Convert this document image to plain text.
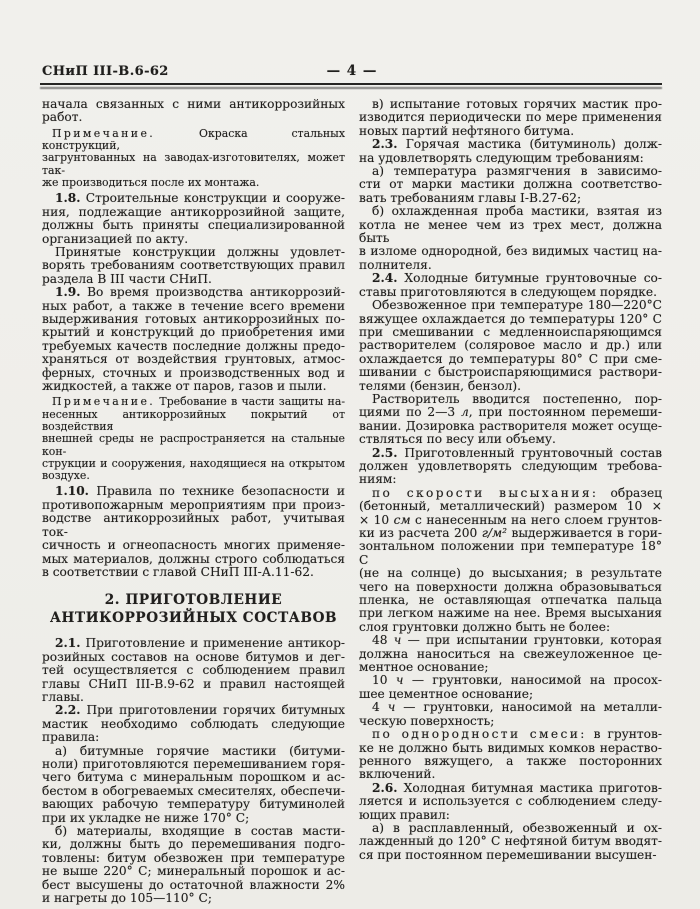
СНиП III-В.6-62	— 4 —
начала связанных с ними антикоррозийных
работ.
Примечание. Окраска стальных конструкций,
загрунтованных на заводах-изготовителях, может так-
же производиться после их монтажа.
1.8. Строительные конструкции и сооруже-
ния, подлежащие антикоррозийной защите,
должны быть приняты специализированной
организацией по акту.
Принятые конструкции должны удовлет-
ворять требованиям соответствующих правил
раздела В III части СНиП.
1.9. Во время производства антикоррозий-
ных работ, а также в течение всего времени
выдерживания готовых антикоррозийных по-
крытий и конструкций до приобретения ими
требуемых качеств последние должны предо-
храняться от воздействия грунтовых, атмос-
ферных, сточных и производственных вод и
жидкостей, а также от паров, газов и пыли.
Примечание. Требование в части защиты на-
несенных антикоррозийных покрытий от воздействия
внешней среды не распространяется на стальные кон-
струкции и сооружения, находящиеся на открытом
воздухе.
1.10. Правила по технике безопасности и
противопожарным мероприятиям при произ-
водстве антикоррозийных работ, учитывая ток-
сичность и огнеопасность многих применяе-
мых материалов, должны строго соблюдаться
в соответствии с главой СНиП III-А.11-62.
2. ПРИГОТОВЛЕНИЕ
АНТИКОРРОЗИЙНЫХ СОСТАВОВ
2.1. Приготовление и применение антикор-
розийных составов на основе битумов и дег-
тей осуществляется с соблюдением правил
главы СНиП III-В.9-62 и правил настоящей
главы.
2.2. При приготовлении горячих битумных
мастик необходимо соблюдать следующие
правила:
а) битумные горячие мастики (битуми-
ноли) приготовляются перемешиванием горя-
чего битума с минеральным порошком и ас-
бестом в обогреваемых смесителях, обеспечи-
вающих рабочую температуру битуминолей
при их укладке не ниже 170° С;
б) материалы, входящие в состав масти-
ки, должны быть до перемешивания подго-
товлены: битум обезвожен при температуре
не выше 220° С; минеральный порошок и ас-
бест высушены до остаточной влажности 2%
и нагреты до 105—110° С;
в) испытание готовых горячих мастик про-
изводится периодически по мере применения
новых партий нефтяного битума.
2.3. Горячая мастика (битуминоль) долж-
на удовлетворять следующим требованиям:
а) температура размягчения в зависимо-
сти от марки мастики должна соответство-
вать требованиям главы I-В.27-62;
б) охлажденная проба мастики, взятая из
котла не менее чем из трех мест, должна быть
в изломе однородной, без видимых частиц на-
полнителя.
2.4. Холодные битумные грунтовочные со-
ставы приготовляются в следующем порядке.
Обезвоженное при температуре 180—220°С
вяжущее охлаждается до температуры 120° С
при смешивании с медленноиспаряющимся
растворителем (соляровое масло и др.) или
охлаждается до температуры 80° С при сме-
шивании с быстроиспаряющимися раствори-
телями (бензин, бензол).
Растворитель вводится постепенно, пор-
циями по 2—3 л, при постоянном перемеши-
вании. Дозировка растворителя может осуще-
ствляться по весу или объему.
2.5. Приготовленный грунтовочный состав
должен удовлетворять следующим требова-
ниям:
по скорости высыхания: образец
(бетонный, металлический) размером 10 ×
× 10 см с нанесенным на него слоем грунтов-
ки из расчета 200 г/м² выдерживается в гори-
зонтальном положении при температуре 18° С
(не на солнце) до высыхания; в результате
чего на поверхности должна образовываться
пленка, не оставляющая отпечатка пальца
при легком нажиме на нее. Время высыхания
слоя грунтовки должно быть не более:
48 ч — при испытании грунтовки, которая
должна наноситься на свежеуложенное це-
ментное основание;
10 ч — грунтовки, наносимой на просох-
шее цементное основание;
4 ч — грунтовки, наносимой на металли-
ческую поверхность;
по однородности смеси: в грунтов-
ке не должно быть видимых комков нераство-
ренного вяжущего, а также посторонних
включений.
2.6. Холодная битумная мастика приготов-
ляется и используется с соблюдением следу-
ющих правил:
а) в расплавленный, обезвоженный и ох-
лажденный до 120° С нефтяной битум вводят-
ся при постоянном перемешивании высушен-
